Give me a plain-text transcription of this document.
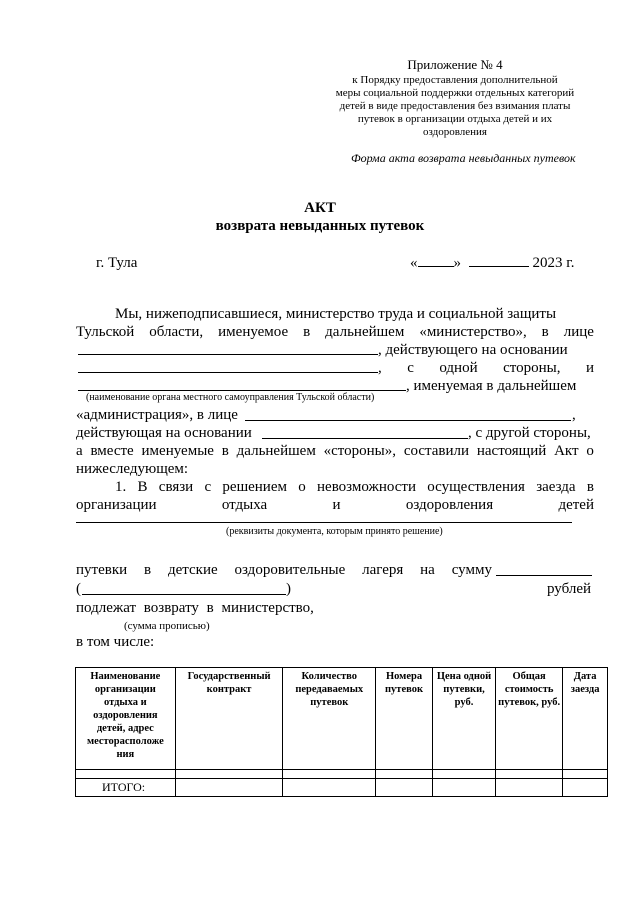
Приложение № 4
к Порядку предоставления дополнительной
меры социальной поддержки отдельных категорий
детей в виде предоставления без взимания платы
путевок в организации отдыха детей и их
оздоровления
Форма акта возврата невыданных путевок
АКТ
возврата невыданных путевок
г. Тула	« »	2023 г.
Мы, нижеподписавшиеся, министерство труда и социальной защиты
Тульской области, именуемое в дальнейшем «министерство», в лице
, действующего на основании
, с одной стороны, и
, именуемая в дальнейшем
(наименование органа местного самоуправления Тульской области)
«администрация», в лице	,
действующая на основании	, с другой стороны,
а вместе именуемые в дальнейшем «стороны», составили настоящий Акт о
нижеследующем:
1. В связи с решением о невозможности осуществления заезда в
организации	отдыха	и	оздоровления	детей
(реквизиты документа, которым принято решение)
путевки в детские оздоровительные лагеря на сумму
(	)	рублей
подлежат возврату в министерство,
(сумма прописью)
в том числе:
Наименование организации отдыха и оздоровления детей, адрес месторасположе ния	Государственный контракт	Количество передаваемых путевок	Номера путевок	Цена одной путевки, руб.	Общая стоимость путевок, руб.	Дата заезда

ИТОГО:						
